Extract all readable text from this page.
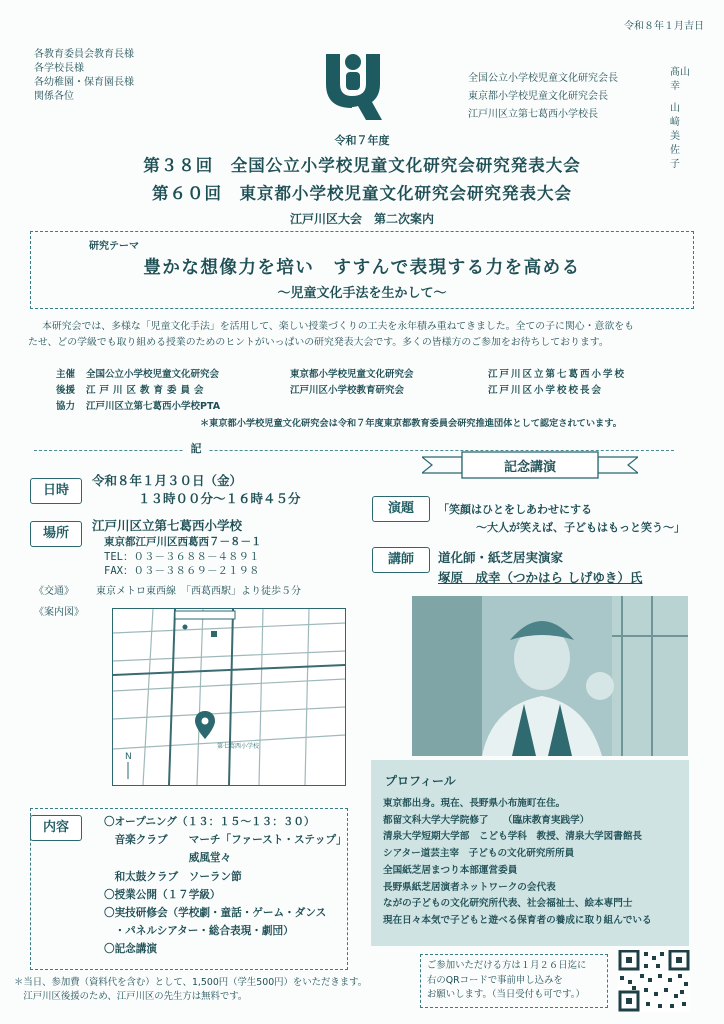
令和８年１月吉日
各教育委員会教育長様
各学校長様
各幼稚園・保育園長様
関係各位
全国公立小学校児童文化研究会長
髙山　幸
東京都小学校児童文化研究会長
江戸川区立第七葛西小学校長
山﨑美佐子
令和７年度
第３８回　全国公立小学校児童文化研究会研究発表大会
第６０回　東京都小学校児童文化研究会研究発表大会
江戸川区大会　第二次案内
研究テーマ
豊かな想像力を培い　すすんで表現する力を高める
～児童文化手法を生かして～
本研究会では、多様な「児童文化手法」を活用して、楽しい授業づくりの工夫を永年積み重ねてきました。全ての子に関心・意欲をも
たせ、どの学級でも取り組める授業のためのヒントがいっぱいの研究発表大会です。多くの皆様方のご参加をお待ちしております。
主催 全国公立小学校児童文化研究会	東京都小学校児童文化研究会	江戸川区立第七葛西小学校
後援 江戸川区教育委員会	江戸川区小学校教育研究会	江戸川区小学校校長会
協力 江戸川区立第七葛西小学校PTA
＊東京都小学校児童文化研究会は令和７年度東京都教育委員会研究推進団体として認定されています。
記
日時
令和８年１月３０日（金）
１３時００分～１６時４５分
場所
江戸川区立第七葛西小学校
東京都江戸川区西葛西７－８－１
TEL：０３－３６８８－４８９１
FAX：０３－３８６９－２１９８
《交通》 東京メトロ東西線　「西葛西駅」より徒歩５分
《案内図》
N
第七葛西小学校
記念講演
演題	「笑顔はひとをしあわせにする
～大人が笑えば、子どもはもっと笑う～」
講師	道化師・紙芝居実演家
塚原　成幸（つかはら しげゆき）氏
プロフィール
東京都出身。現在、長野県小布施町在住。
都留文科大学大学院修了　　（臨床教育実践学）
清泉大学短期大学部　こども学科　教授、清泉大学図書館長
シアター道芸主宰　子どもの文化研究所所員
全国紙芝居まつり本部運営委員
長野県紙芝居演者ネットワークの会代表
ながの子どもの文化研究所代表、社会福祉士、絵本専門士
現在日々本気で子どもと遊べる保育者の養成に取り組んでいる
内容	〇オープニング（１３：１５～１３：３０）
　音楽クラブ　　マーチ「ファースト・ステップ」
　　　　　　　　威風堂々
　和太鼓クラブ　ソーラン節
〇授業公開（１７学級）
〇実技研修会（学校劇・童話・ゲーム・ダンス
　・パネルシアター・総合表現・劇団）
〇記念講演
＊当日、参加費（資料代を含む）として、1,500円（学生500円）をいただきます。
　江戸川区後援のため、江戸川区の先生方は無料です。
ご参加いただける方は１月２６日迄に
右のQRコードで事前申し込みを
お願いします。（当日受付も可です。）
